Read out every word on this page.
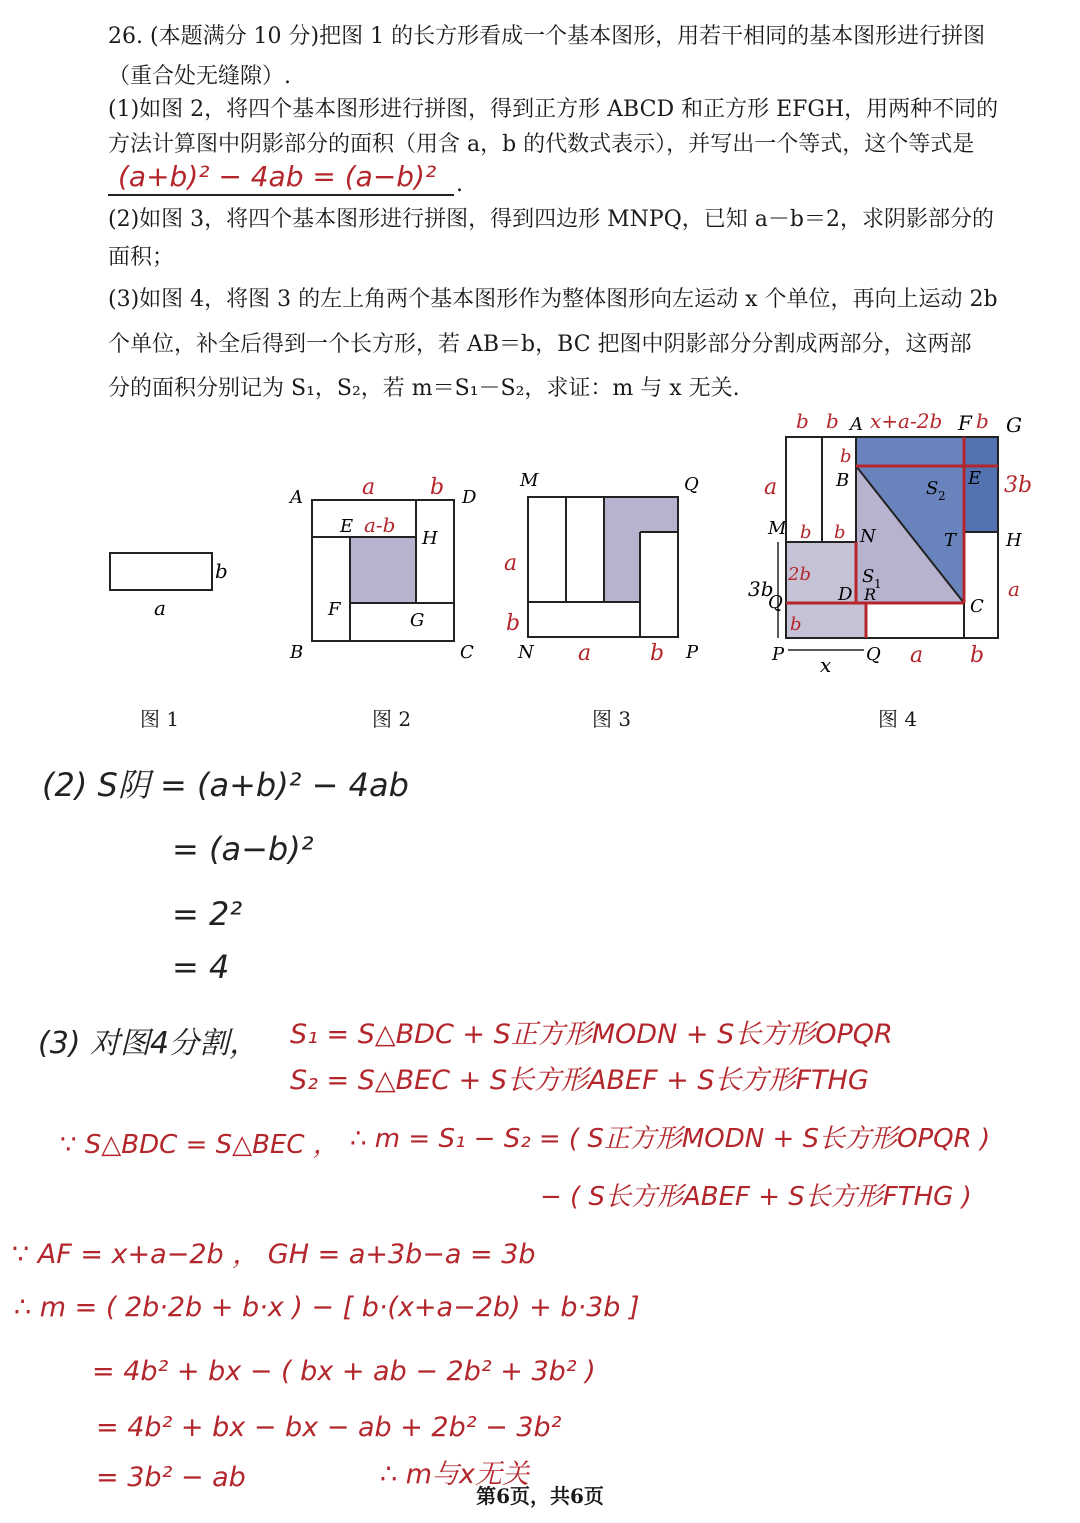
26. (本题满分 10 分)把图 1 的长方形看成一个基本图形，用若干相同的基本图形进行拼图
（重合处无缝隙）.
(1)如图 2，将四个基本图形进行拼图，得到正方形 ABCD 和正方形 EFGH，用两种不同的
方法计算图中阴影部分的面积（用含 a，b 的代数式表示），并写出一个等式，这个等式是
(a+b)² − 4ab = (a−b)² .
(2)如图 3，将四个基本图形进行拼图，得到四边形 MNPQ，已知 a－b＝2，求阴影部分的
面积；
(3)如图 4，将图 3 的左上角两个基本图形作为整体图形向左运动 x 个单位，再向上运动 2b
个单位，补全后得到一个长方形，若 AB＝b，BC 把图中阴影部分分割成两部分，这两部
分的面积分别记为 S₁，S₂，若 m＝S₁－S₂，求证：m 与 x 无关.
b
a
A	D
B	C
E
H
F
G
a b
a-b
M	Q
N	P
a
b
a	b
A	F G
B	E
M	N	H
T
Q	D R
C
P	Q
S 2
S 1
3b
x
b b x+a-2b b
a
b
b b
3b
2b
b
a
a b
图 1	图 2	图 3	图 4
(2) S阴 = (a+b)² − 4ab
= (a−b)²
= 2²
= 4
(3) 对图4分割， S₁ = S△BDC + S正方形MODN + S长方形OPQR
S₂ = S△BEC + S长方形ABEF + S长方形FTHG
∵ S△BDC = S△BEC ， ∴ m = S₁ − S₂ = ( S正方形MODN + S长方形OPQR )
− ( S长方形ABEF + S长方形FTHG )
∵ AF = x+a−2b ， GH = a+3b−a = 3b
∴ m = ( 2b·2b + b·x ) − [ b·(x+a−2b) + b·3b ]
= 4b² + bx − ( bx + ab − 2b² + 3b² )
= 4b² + bx − bx − ab + 2b² − 3b²
= 3b² − ab	∴ m与x无关
第6页，共6页
